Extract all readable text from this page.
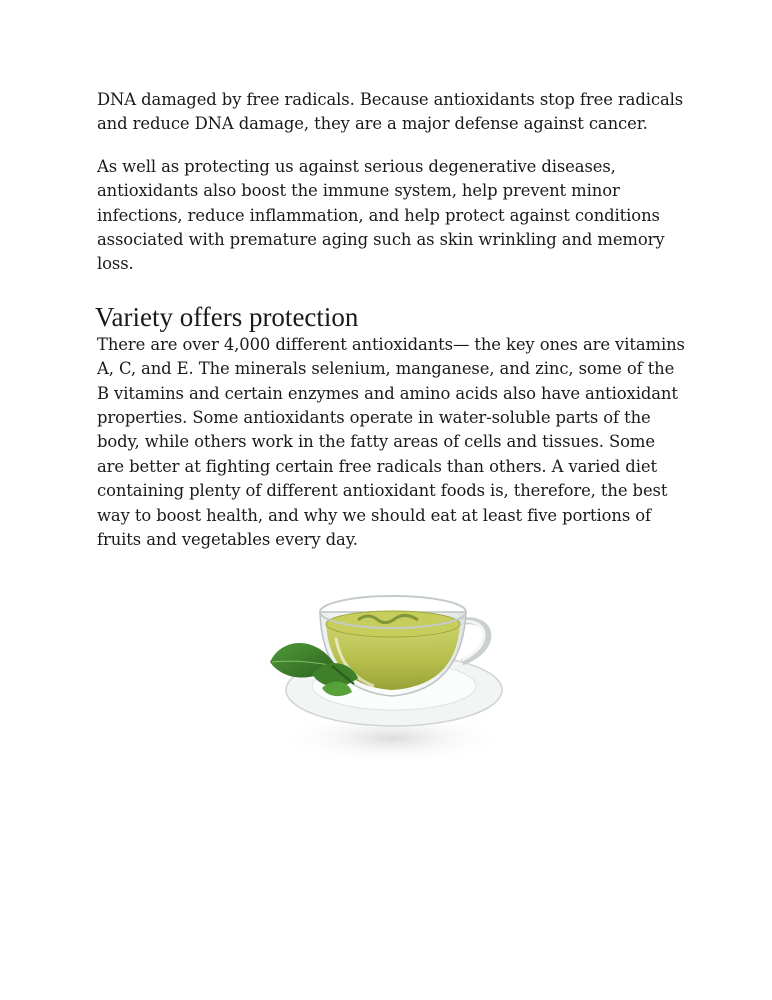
DNA damaged by free radicals. Because antioxidants stop free radicals and reduce DNA damage, they are a major defense against cancer.

As well as protecting us against serious degenerative diseases, antioxidants also boost the immune system, help prevent minor infections, reduce inflammation, and help protect against conditions associated with premature aging such as skin wrinkling and memory loss.

Variety offers protection

There are over 4,000 different antioxidants— the key ones are vitamins A, C, and E. The minerals selenium, manganese, and zinc, some of the B vitamins and certain enzymes and amino acids also have antioxidant properties. Some antioxidants operate in water-soluble parts of the body, while others work in the fatty areas of cells and tissues. Some are better at fighting certain free radicals than others. A varied diet containing plenty of different antioxidant foods is, therefore, the best way to boost health, and why we should eat at least five portions of fruits and vegetables every day.
